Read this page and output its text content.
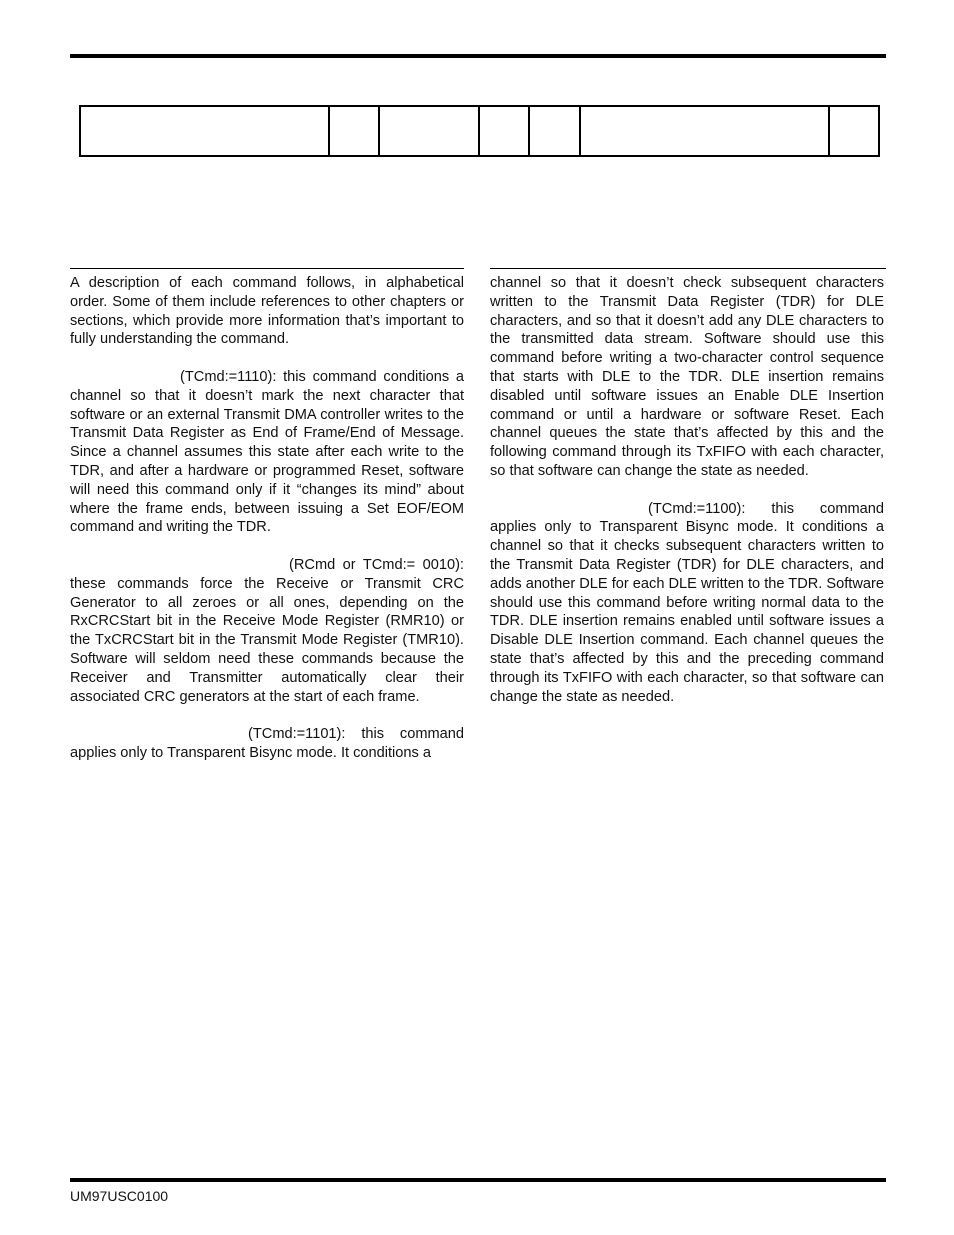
A description of each command follows, in alphabetical order. Some of them include references to other chapters or sections, which provide more information that’s important to fully understanding the command.

(TCmd:=1110): this command conditions a channel so that it doesn’t mark the next character that software or an external Transmit DMA controller writes to the Transmit Data Register as End of Frame/End of Message. Since a channel assumes this state after each write to the TDR, and after a hardware or programmed Reset, software will need this command only if it “changes its mind” about where the frame ends, between issuing a Set EOF/EOM command and writing the TDR.

(RCmd or TCmd:= 0010): these commands force the Receive or Transmit CRC Generator to all zeroes or all ones, depending on the RxCRCStart bit in the Receive Mode Register (RMR10) or the TxCRCStart bit in the Transmit Mode Register (TMR10). Software will seldom need these commands because the Receiver and Transmitter automatically clear their associated CRC generators at the start of each frame.

(TCmd:=1101): this command applies only to Transparent Bisync mode. It conditions a

channel so that it doesn’t check subsequent characters written to the Transmit Data Register (TDR) for DLE characters, and so that it doesn’t add any DLE characters to the transmitted data stream. Software should use this command before writing a two-character control sequence that starts with DLE to the TDR. DLE insertion remains disabled until software issues an Enable DLE Insertion command or until a hardware or software Reset. Each channel queues the state that’s affected by this and the following command through its TxFIFO with each character, so that software can change the state as needed.

(TCmd:=1100): this command applies only to Transparent Bisync mode. It conditions a channel so that it checks subsequent characters written to the Transmit Data Register (TDR) for DLE characters, and adds another DLE for each DLE written to the TDR. Software should use this command before writing normal data to the TDR. DLE insertion remains enabled until software issues a Disable DLE Insertion command. Each channel queues the state that’s affected by this and the preceding command through its TxFIFO with each character, so that software can change the state as needed.

UM97USC0100
